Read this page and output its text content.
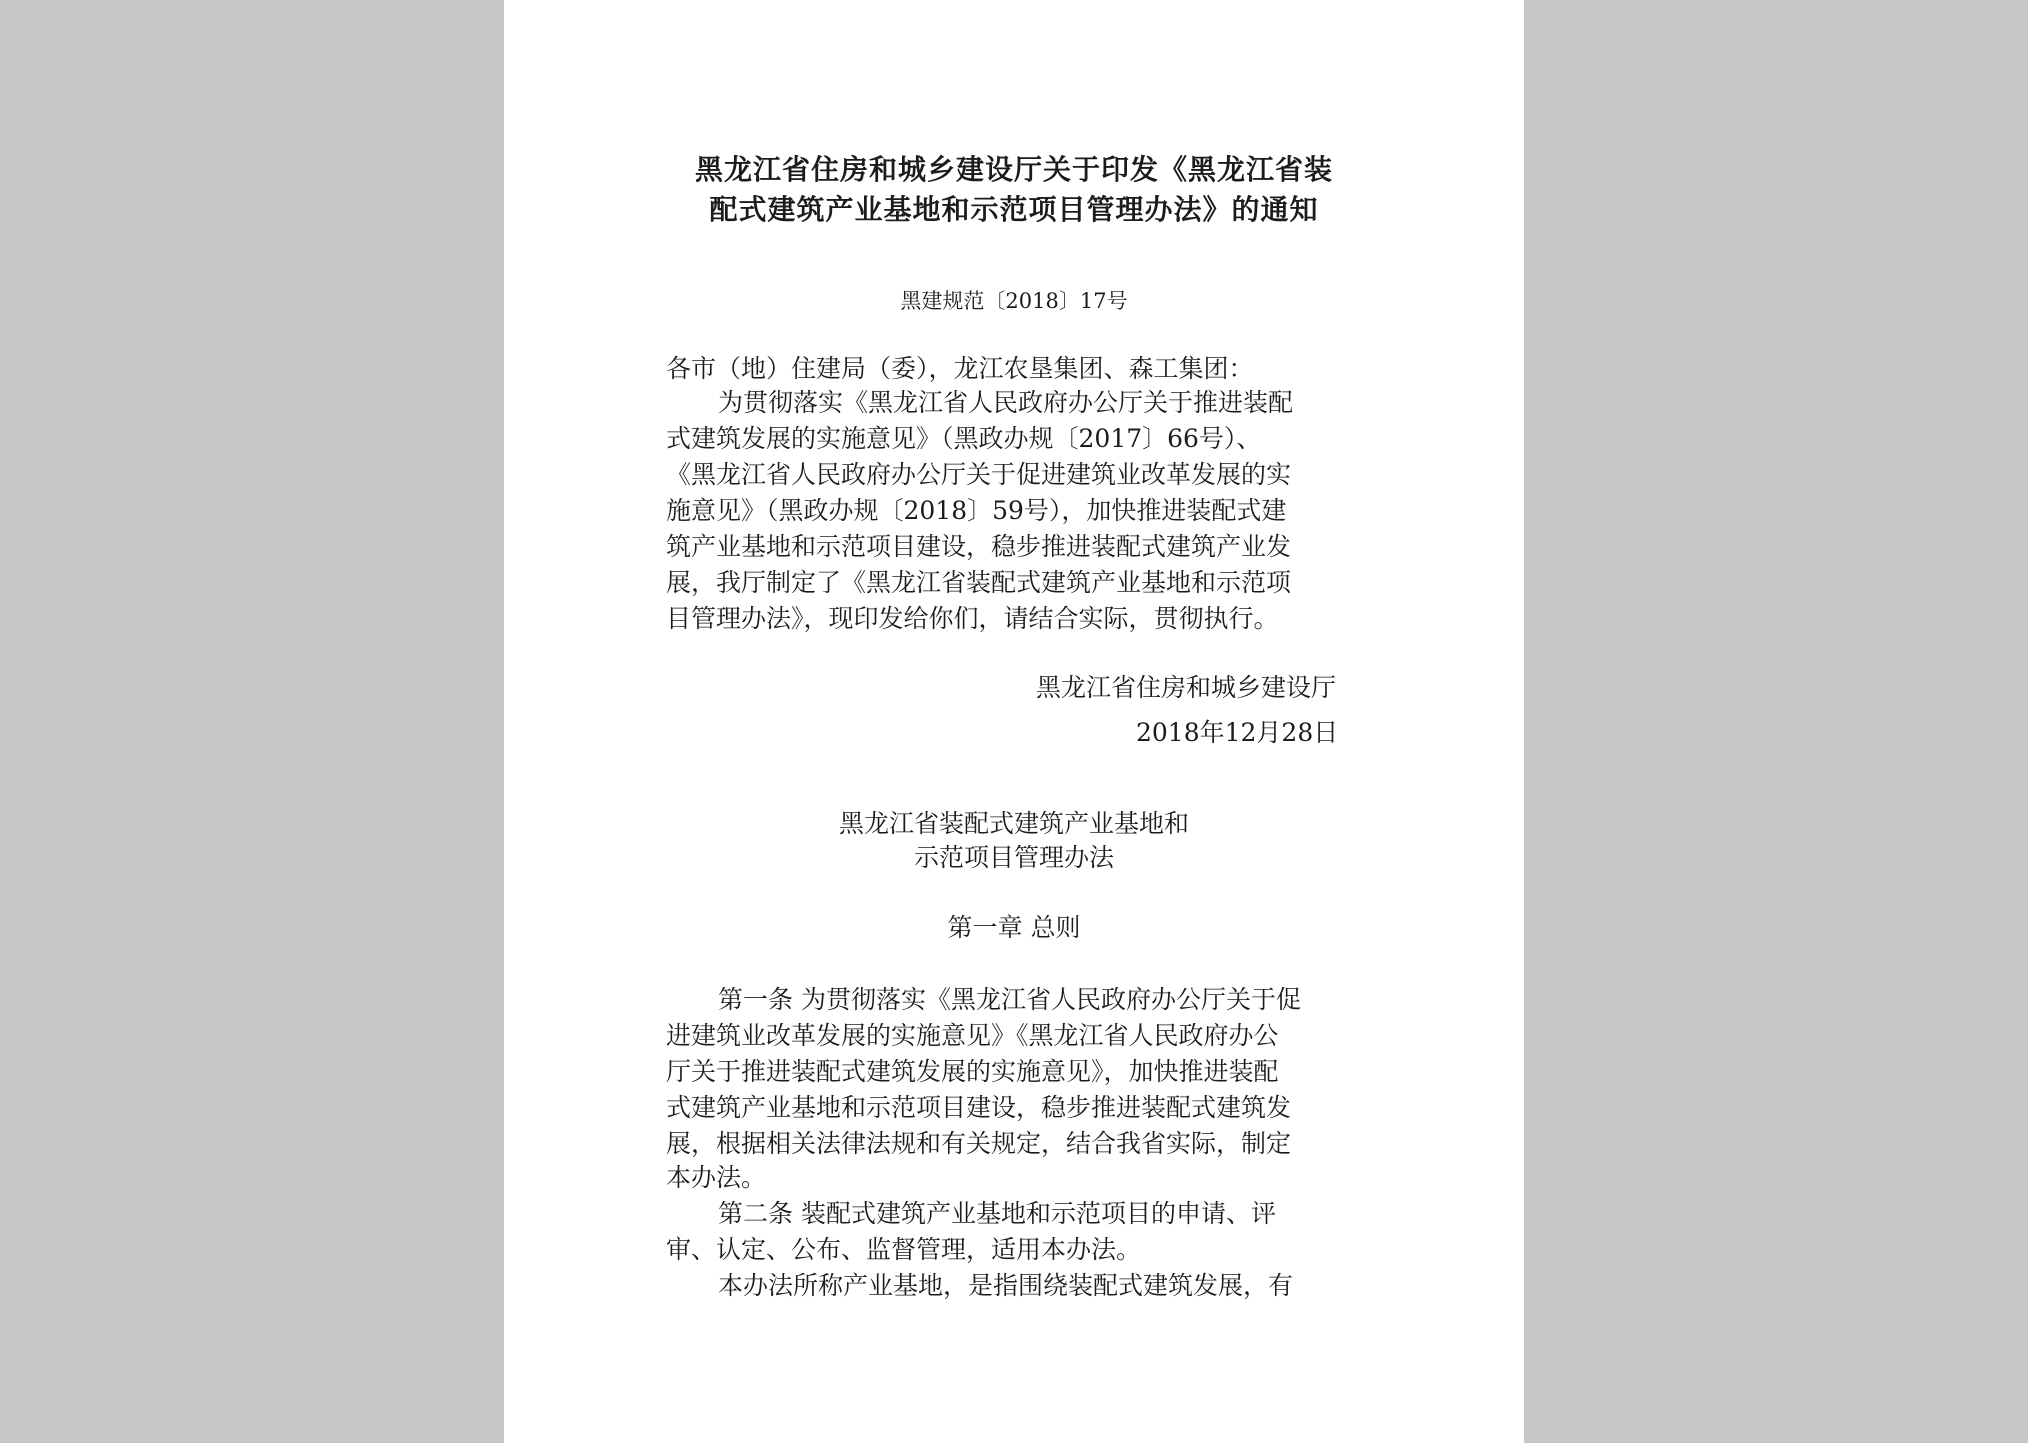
黑龙江省住房和城乡建设厅关于印发《黑龙江省装
配式建筑产业基地和示范项目管理办法》的通知
黑建规范〔2018〕17号
各市（地）住建局（委），龙江农垦集团、森工集团：
为贯彻落实《黑龙江省人民政府办公厅关于推进装配
式建筑发展的实施意见》（黑政办规〔2017〕66号）、
《黑龙江省人民政府办公厅关于促进建筑业改革发展的实
施意见》（黑政办规〔2018〕59号），加快推进装配式建
筑产业基地和示范项目建设，稳步推进装配式建筑产业发
展，我厅制定了《黑龙江省装配式建筑产业基地和示范项
目管理办法》，现印发给你们，请结合实际，贯彻执行。
黑龙江省住房和城乡建设厅
2018年12月28日
黑龙江省装配式建筑产业基地和
示范项目管理办法
第一章 总则
第一条 为贯彻落实《黑龙江省人民政府办公厅关于促
进建筑业改革发展的实施意见》《黑龙江省人民政府办公
厅关于推进装配式建筑发展的实施意见》，加快推进装配
式建筑产业基地和示范项目建设，稳步推进装配式建筑发
展，根据相关法律法规和有关规定，结合我省实际，制定
本办法。
第二条 装配式建筑产业基地和示范项目的申请、评
审、认定、公布、监督管理，适用本办法。
本办法所称产业基地，是指围绕装配式建筑发展，有
